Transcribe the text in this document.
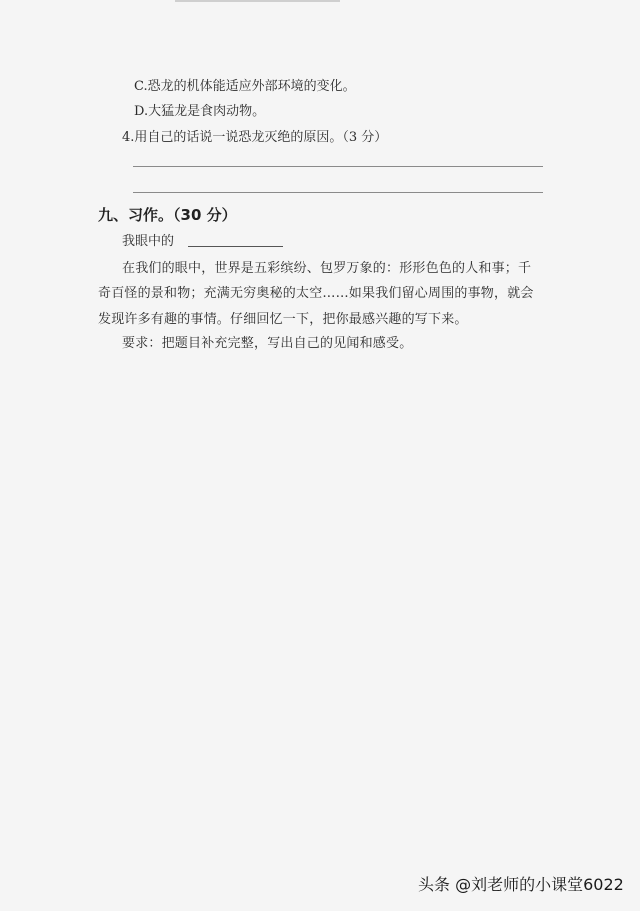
C.恐龙的机体能适应外部环境的变化。
D.大猛龙是食肉动物。
4.用自己的话说一说恐龙灭绝的原因。（3 分）
九、习作。（30 分）
我眼中的
在我们的眼中，世界是五彩缤纷、包罗万象的：形形色色的人和事；千
奇百怪的景和物；充满无穷奥秘的太空……如果我们留心周围的事物，就会
发现许多有趣的事情。仔细回忆一下，把你最感兴趣的写下来。
要求：把题目补充完整，写出自己的见闻和感受。
头条 @刘老师的小课堂6022
